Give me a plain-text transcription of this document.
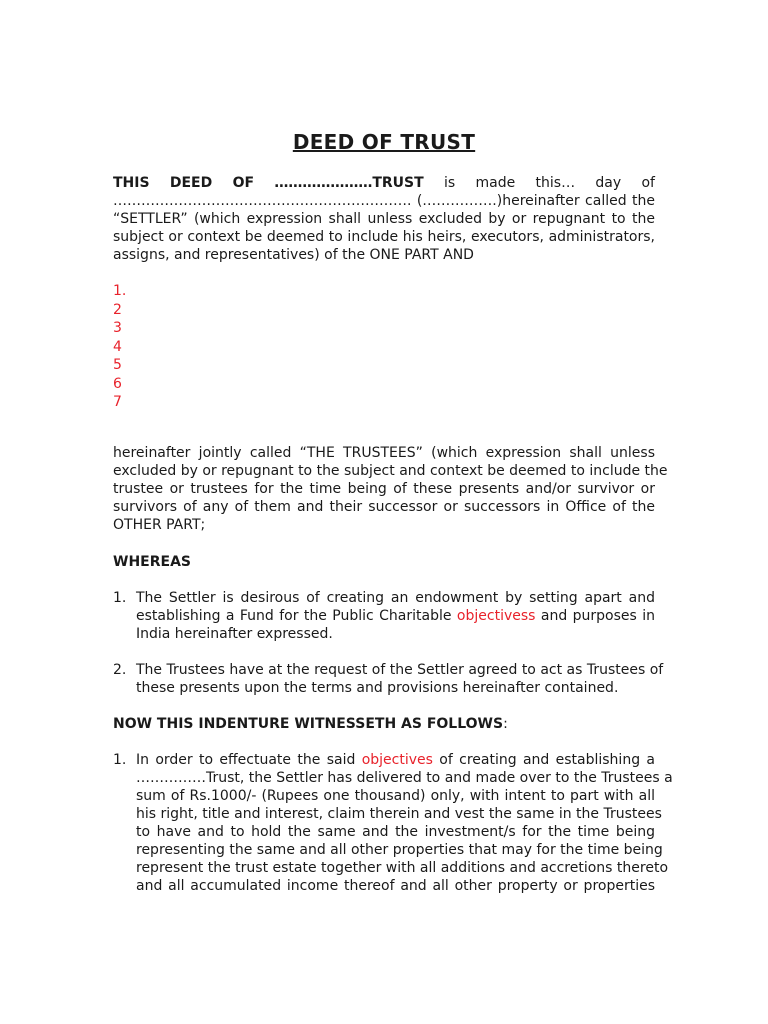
DEED OF TRUST
THIS DEED OF …………………TRUST is made this… day of
………………………………………………………. (…………….)hereinafter called the
“SETTLER” (which expression shall unless excluded by or repugnant to the
subject or context be deemed to include his heirs, executors, administrators,
assigns, and representatives) of the ONE PART AND
1.
2
3
4
5
6
7
hereinafter jointly called “THE TRUSTEES” (which expression shall unless
excluded by or repugnant to the subject and context be deemed to include the
trustee or trustees for the time being of these presents and/or survivor or
survivors of any of them and their successor or successors in Office of the
OTHER PART;
WHEREAS
1. The Settler is desirous of creating an endowment by setting apart and
establishing a Fund for the Public Charitable objectivess and purposes in
India hereinafter expressed.
2. The Trustees have at the request of the Settler agreed to act as Trustees of
these presents upon the terms and provisions hereinafter contained.
NOW THIS INDENTURE WITNESSETH AS FOLLOWS:
1. In order to effectuate the said objectives of creating and establishing a
……………Trust, the Settler has delivered to and made over to the Trustees a
sum of Rs.1000/- (Rupees one thousand) only, with intent to part with all
his right, title and interest, claim therein and vest the same in the Trustees
to have and to hold the same and the investment/s for the time being
representing the same and all other properties that may for the time being
represent the trust estate together with all additions and accretions thereto
and all accumulated income thereof and all other property or properties
